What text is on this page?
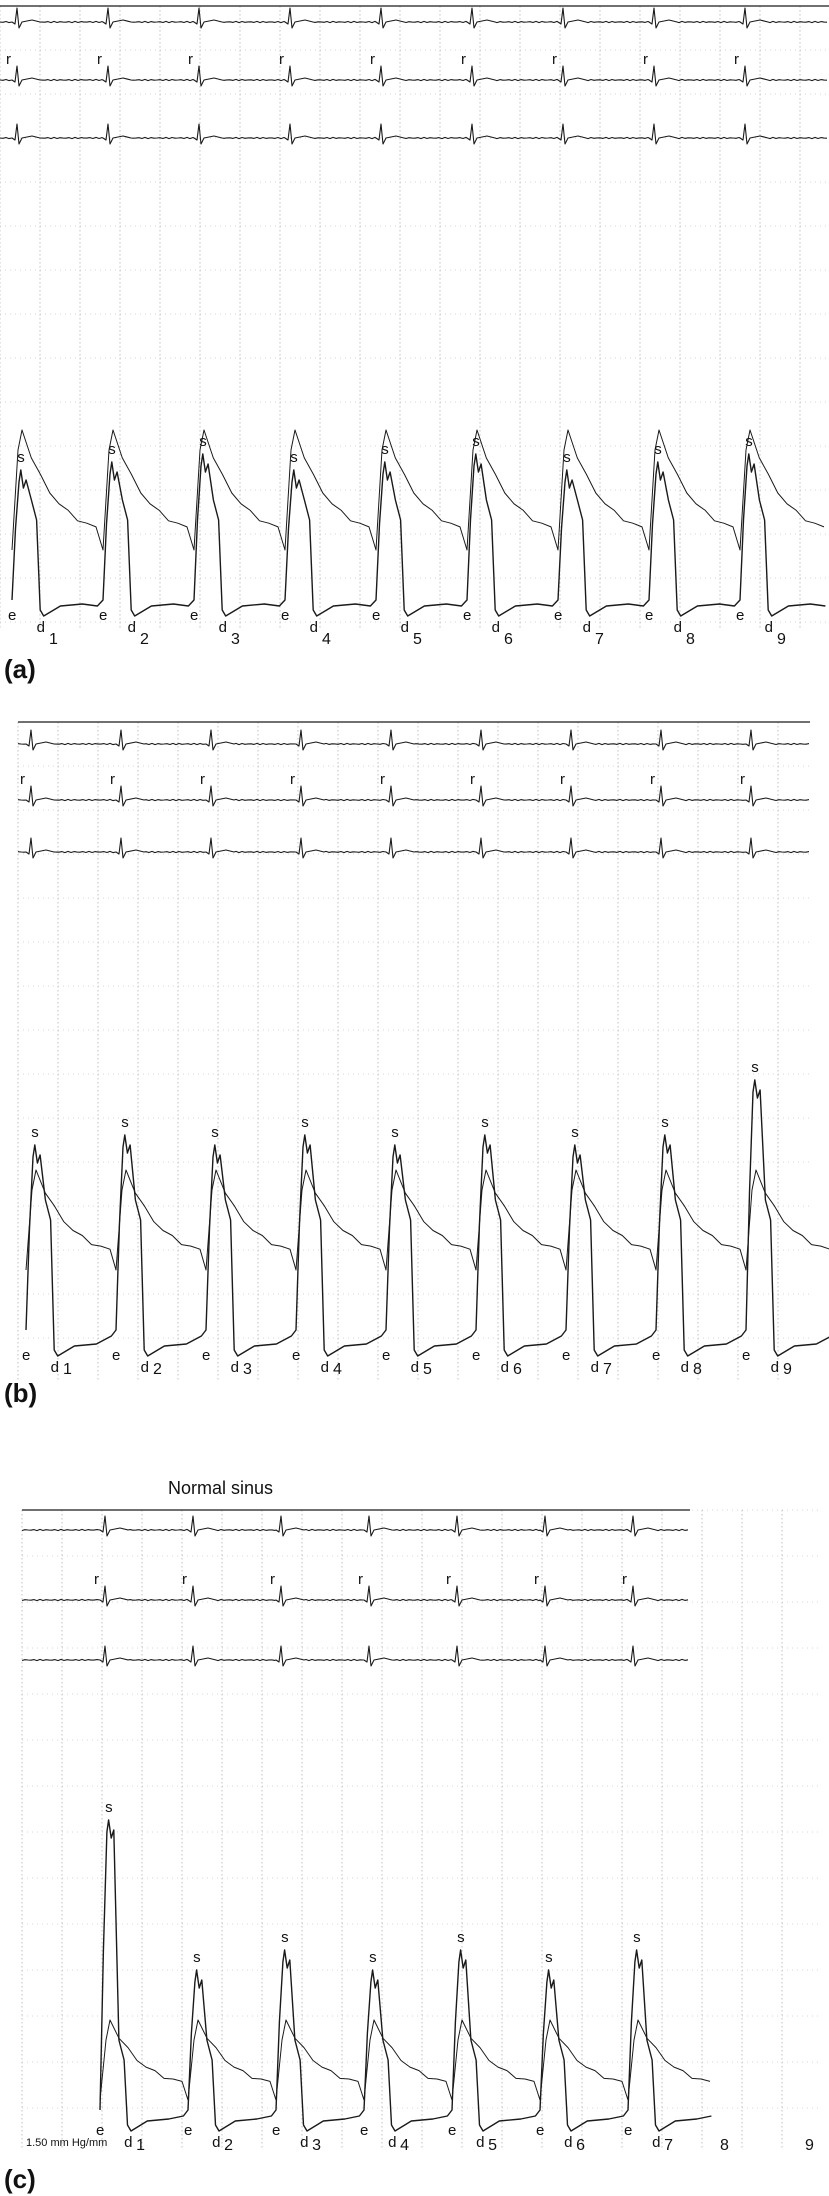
(a)
(b)
(c)
Normal sinus
1.50 mm Hg/mm
r	r	r	r	r	r	r	r	r
s
d
e
1
s
d
e
2
s
d
e
3
s
d
e
4
s
d
e
5
s
d
e
6
s
d
e
7
s
d
e
8
s
d
e
9
r	r	r	r	r	r	r	r	r
s
d
e
1
s
d
e
2
s
d
e
3
s
d
e
4
s
d
e
5
s
d
e
6
s
d
e
7
s
d
e
8
s
d
e
9
r	r	r	r	r	r	r
s
d
e
1
s
d
e
2
s
d
e
3
s
d
e
4
s
d
e
5
s
d
e
6
s
d
e
7	8	9
